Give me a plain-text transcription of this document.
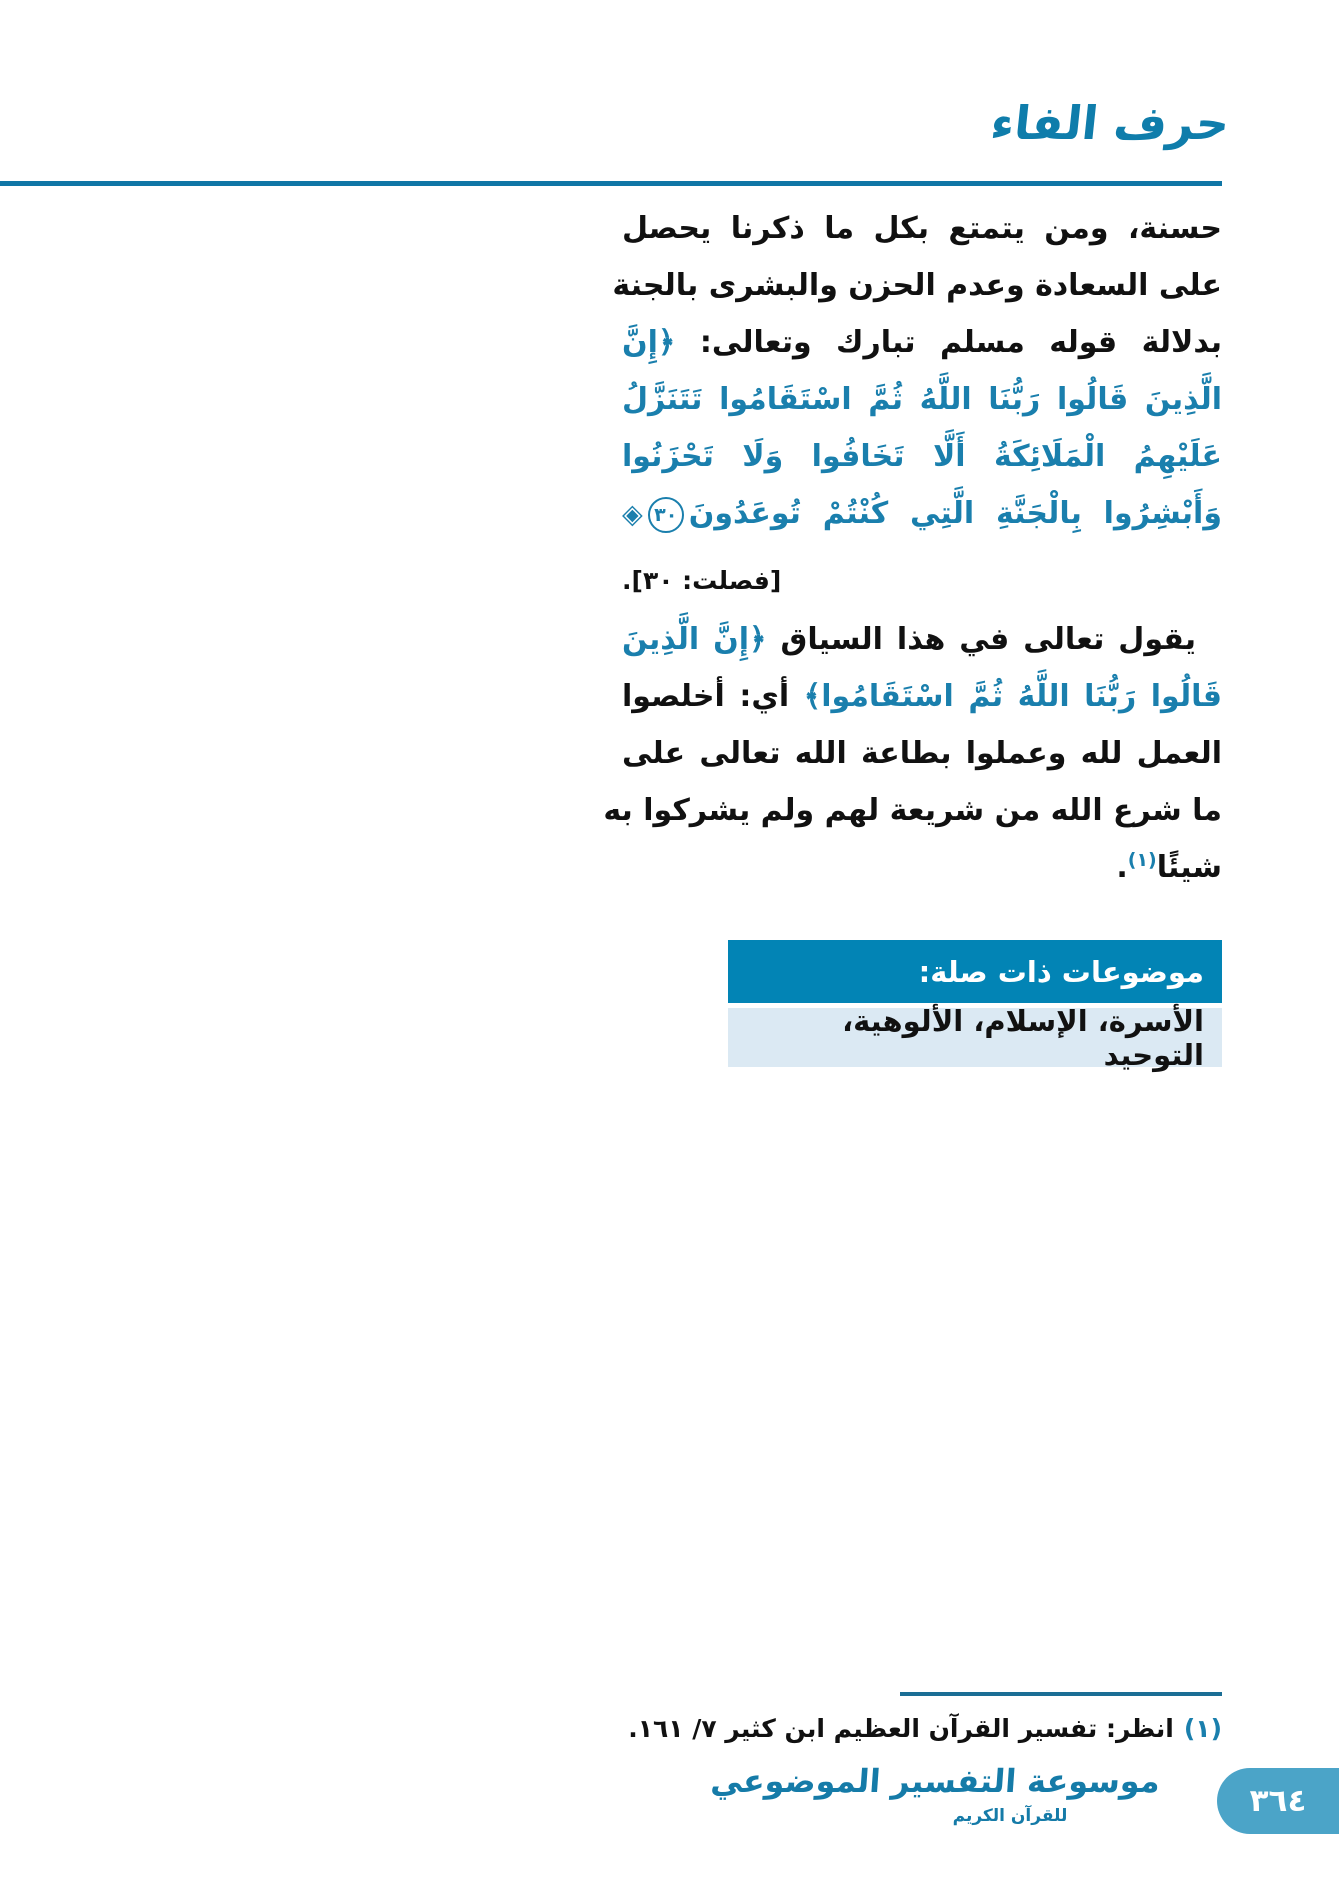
حرف الفاء
حسنة، ومن يتمتع بكل ما ذكرنا يحصل
على السعادة وعدم الحزن والبشرى بالجنة
بدلالة قوله مسلم تبارك وتعالى: ﴿إِنَّ
الَّذِينَ قَالُوا رَبُّنَا اللَّهُ ثُمَّ اسْتَقَامُوا تَتَنَزَّلُ
عَلَيْهِمُ الْمَلَائِكَةُ أَلَّا تَخَافُوا وَلَا تَحْزَنُوا
وَأَبْشِرُوا بِالْجَنَّةِ الَّتِي كُنْتُمْ تُوعَدُونَ٣٠◈
[فصلت: ٣٠].
يقول تعالى في هذا السياق ﴿إِنَّ الَّذِينَ
قَالُوا رَبُّنَا اللَّهُ ثُمَّ اسْتَقَامُوا﴾ أي: أخلصوا
العمل لله وعملوا بطاعة الله تعالى على
ما شرع الله من شريعة لهم ولم يشركوا به
شيئًا$^{(١)}$.
موضوعات ذات صلة:
الأسرة، الإسلام، الألوهية، التوحيد
(١)انظر: تفسير القرآن العظيم ابن كثير ٧/ ١٦١.
موسوعة التفسير الموضوعي
للقرآن الكريم	٣٦٤
